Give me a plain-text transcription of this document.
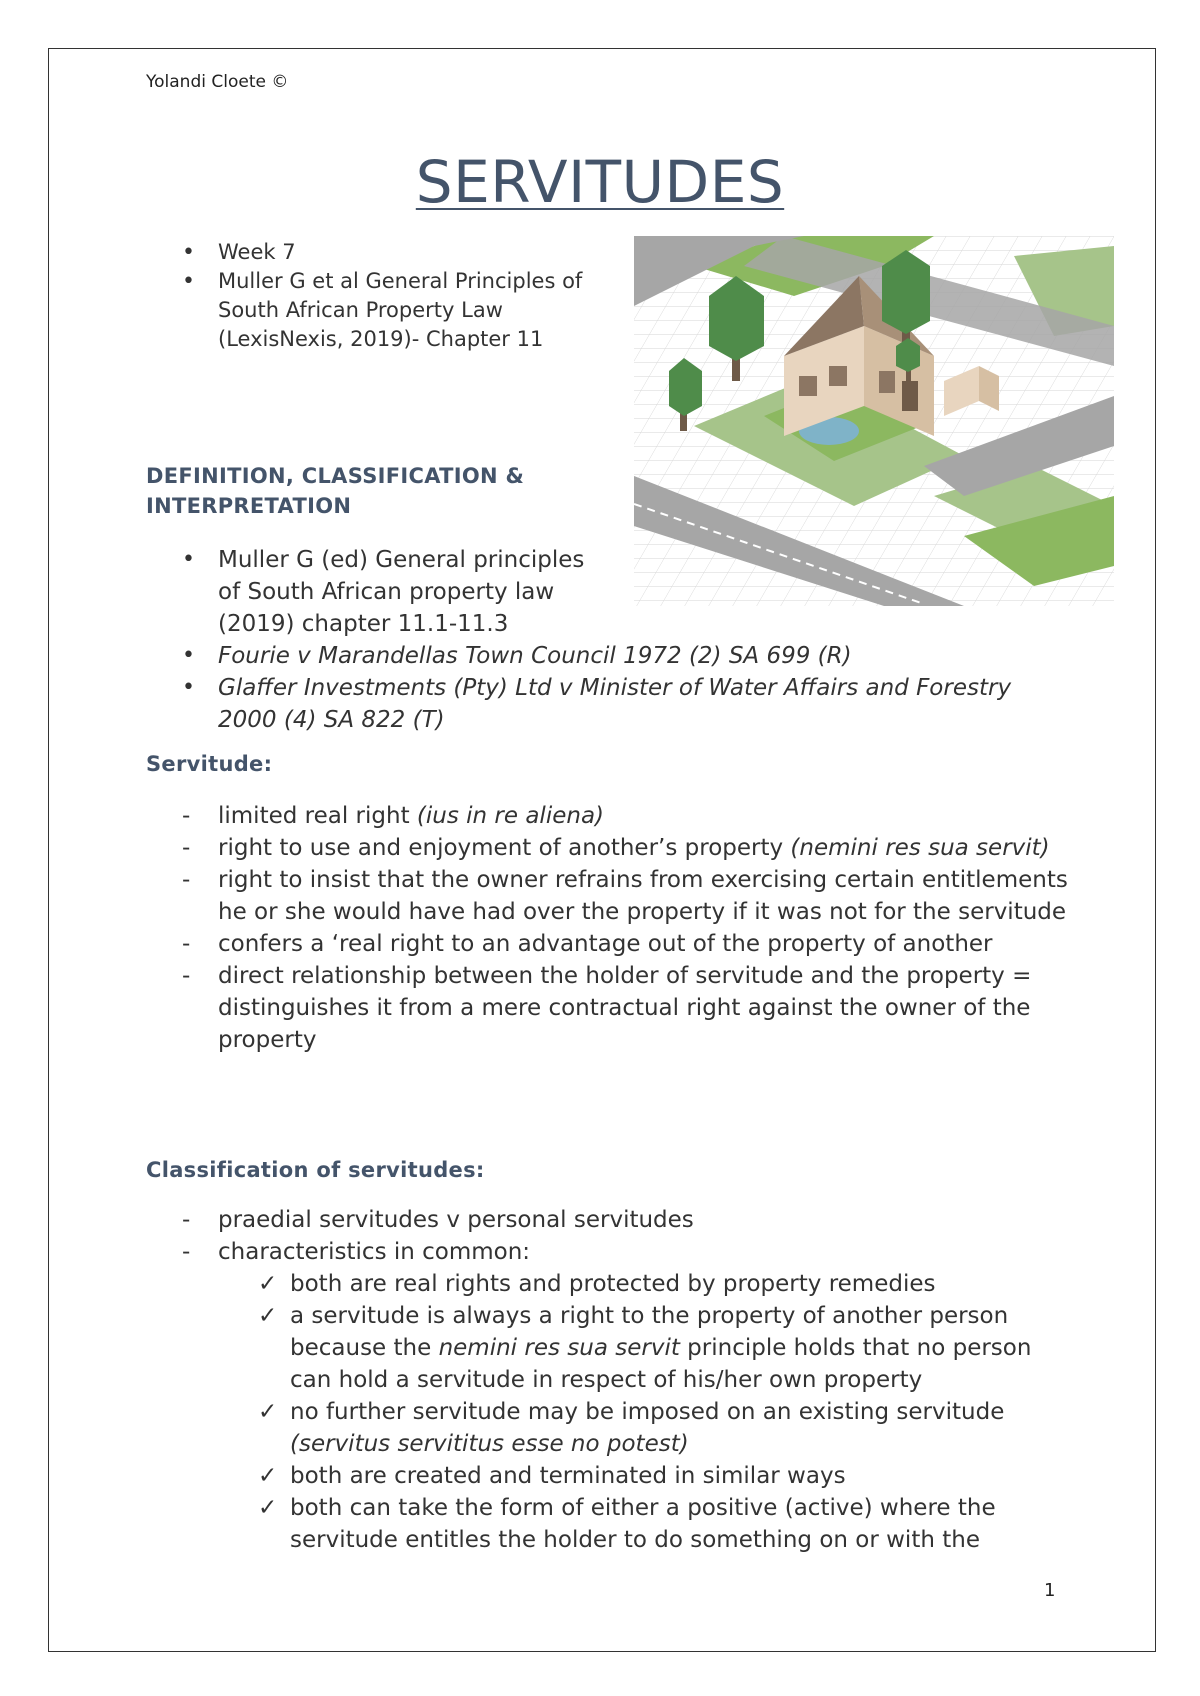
Yolandi Cloete ©
SERVITUDES
• Week 7
• Muller G et al General Principles of South African Property Law (LexisNexis, 2019)- Chapter 11
DEFINITION, CLASSIFICATION &
INTERPRETATION
• Muller G (ed) General principles of South African property law (2019) chapter 11.1-11.3
• Fourie v Marandellas Town Council 1972 (2) SA 699 (R)
• Glaffer Investments (Pty) Ltd v Minister of Water Affairs and Forestry 2000 (4) SA 822 (T)
Servitude:
- limited real right (ius in re aliena)
- right to use and enjoyment of another’s property (nemini res sua servit)
- right to insist that the owner refrains from exercising certain entitlements he or she would have had over the property if it was not for the servitude
- confers a ‘real right to an advantage out of the property of another
- direct relationship between the holder of servitude and the property = distinguishes it from a mere contractual right against the owner of the property
Classification of servitudes:
- praedial servitudes v personal servitudes
- characteristics in common:
✓ both are real rights and protected by property remedies
✓ a servitude is always a right to the property of another person because the nemini res sua servit principle holds that no person can hold a servitude in respect of his/her own property
✓ no further servitude may be imposed on an existing servitude (servitus servititus esse no potest)
✓ both are created and terminated in similar ways
✓ both can take the form of either a positive (active) where the servitude entitles the holder to do something on or with the
1
